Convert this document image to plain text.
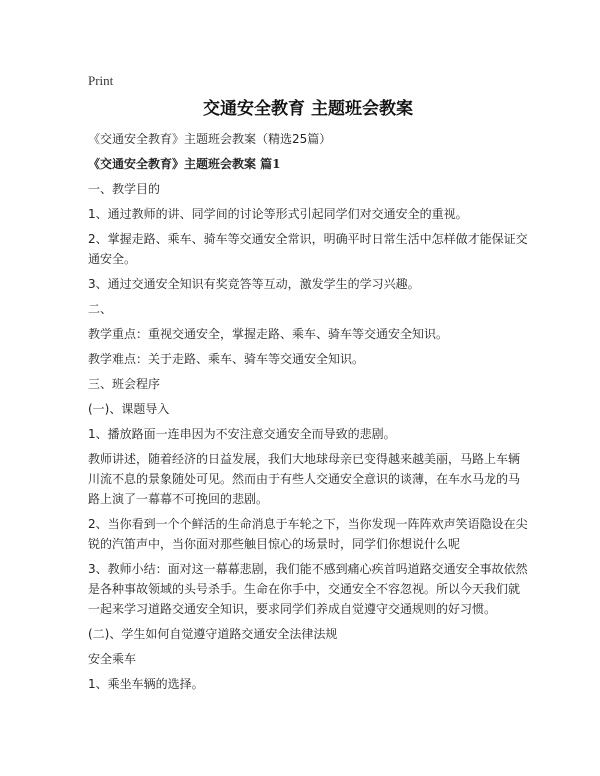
Print
交通安全教育 主题班会教案
《交通安全教育》主题班会教案（精选25篇）
《交通安全教育》主题班会教案 篇1
一、教学目的
1、通过教师的讲、同学间的讨论等形式引起同学们对交通安全的重视。
2、掌握走路、乘车、骑车等交通安全常识，明确平时日常生活中怎样做才能保证交通安全。
3、通过交通安全知识有奖竞答等互动，激发学生的学习兴趣。
二、
教学重点：重视交通安全，掌握走路、乘车、骑车等交通安全知识。
教学难点：关于走路、乘车、骑车等交通安全知识。
三、班会程序
(一)、课题导入
1、播放路面一连串因为不安注意交通安全而导致的悲剧。
教师讲述，随着经济的日益发展，我们大地球母亲已变得越来越美丽，马路上车辆川流不息的景象随处可见。然而由于有些人交通安全意识的谈薄，在车水马龙的马路上演了一幕幕不可挽回的悲剧。
2、当你看到一个个鲜活的生命消息于车轮之下，当你发现一阵阵欢声笑语隐设在尖锐的汽笛声中，当你面对那些触目惊心的场景时，同学们你想说什么呢
3、教师小结：面对这一幕幕悲剧，我们能不感到痛心疾首吗道路交通安全事故依然是各种事故领域的头号杀手。生命在你手中，交通安全不容忽视。所以今天我们就一起来学习道路交通安全知识，要求同学们养成自觉遵守交通规则的好习惯。
(二)、学生如何自觉遵守道路交通安全法律法规
安全乘车
1、乘坐车辆的选择。
